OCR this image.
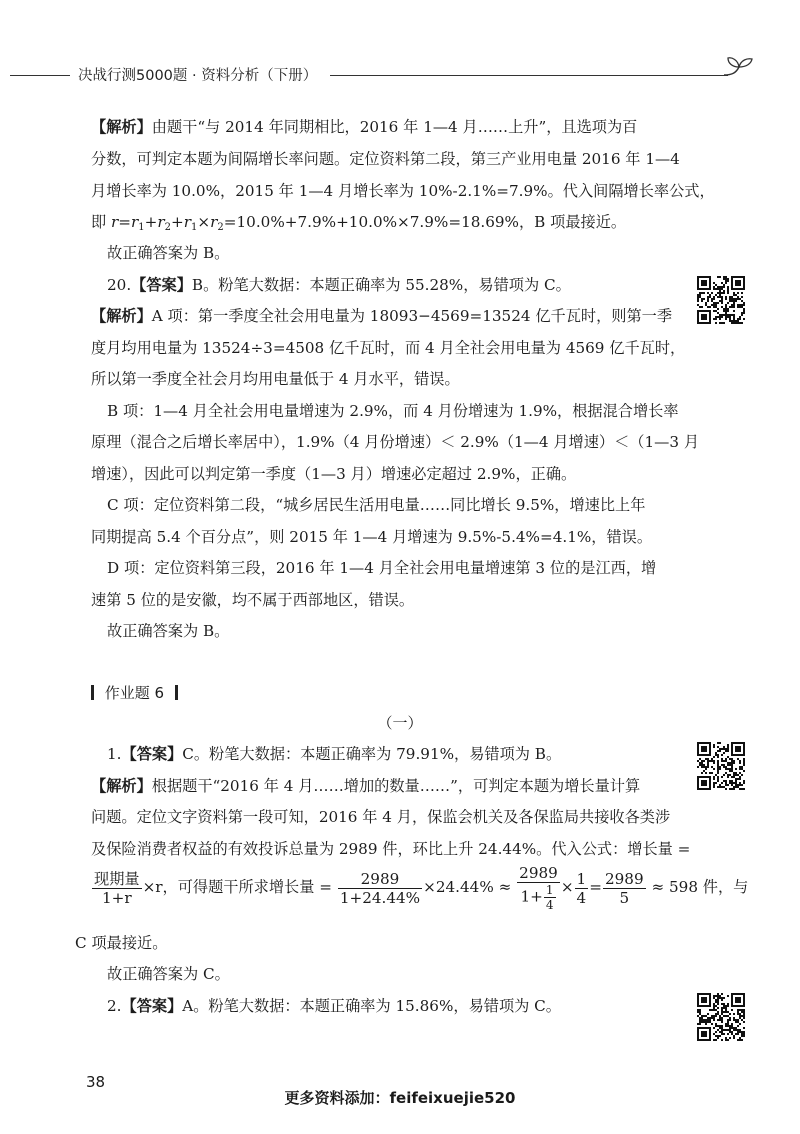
决战行测5000题 · 资料分析（下册）
【解析】由题干“与 2014 年同期相比，2016 年 1—4 月……上升”，且选项为百
分数，可判定本题为间隔增长率问题。定位资料第二段，第三产业用电量 2016 年 1—4
月增长率为 10.0%，2015 年 1—4 月增长率为 10%-2.1%=7.9%。代入间隔增长率公式，
即 $r=r_1+r_2+r_1\times r_2=10.0\%+7.9\%+10.0\%\times 7.9\%=18.69\%$，B 项最接近。
故正确答案为 B。
20.【答案】B。粉笔大数据：本题正确率为 55.28%，易错项为 C。
【解析】A 项：第一季度全社会用电量为 18093−4569=13524 亿千瓦时，则第一季
度月均用电量为 13524÷3=4508 亿千瓦时，而 4 月全社会用电量为 4569 亿千瓦时，
所以第一季度全社会月均用电量低于 4 月水平，错误。
B 项：1—4 月全社会用电量增速为 2.9%，而 4 月份增速为 1.9%，根据混合增长率
原理（混合之后增长率居中），1.9%（4 月份增速）＜ 2.9%（1—4 月增速）＜（1—3 月
增速），因此可以判定第一季度（1—3 月）增速必定超过 2.9%，正确。
C 项：定位资料第二段，“城乡居民生活用电量……同比增长 9.5%，增速比上年
同期提高 5.4 个百分点”，则 2015 年 1—4 月增速为 9.5%-5.4%=4.1%，错误。
D 项：定位资料第三段，2016 年 1—4 月全社会用电量增速第 3 位的是江西，增
速第 5 位的是安徽，均不属于西部地区，错误。
故正确答案为 B。
作业题 6
（一）
1.【答案】C。粉笔大数据：本题正确率为 79.91%，易错项为 B。
【解析】根据题干“2016 年 4 月……增加的数量……”，可判定本题为增长量计算
问题。定位文字资料第一段可知，2016 年 4 月，保监会机关及各保监局共接收各类涉
及保险消费者权益的有效投诉总量为 2989 件，环比上升 24.44%。代入公式：增长量 =
$\frac{\text{现期量}}{1+r} \times r$，可得题干所求增长量 = $\frac{2989}{1+24.44\%} \times 24.44\% \approx \frac{2989}{1+ \frac{1}{4}} \times \frac{1}{4} = \frac{2989}{5} \approx 598$ 件，与
C 项最接近。
故正确答案为 C。
2.【答案】A。粉笔大数据：本题正确率为 15.86%，易错项为 C。
38
更多资料添加：feifeixuejie520
